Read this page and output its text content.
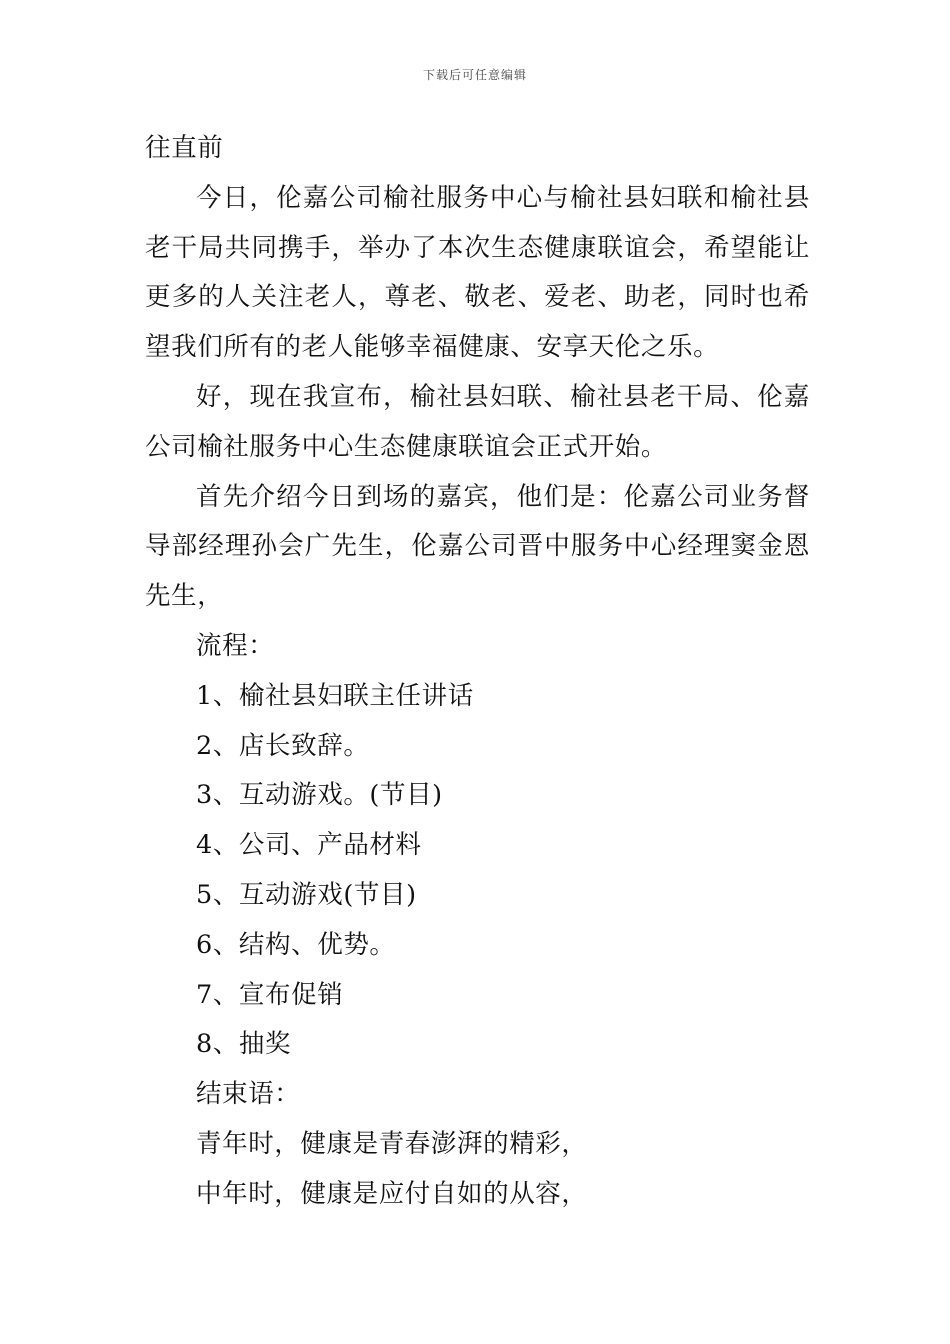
下载后可任意编辑
往直前
今日，伦嘉公司榆社服务中心与榆社县妇联和榆社县
老干局共同携手，举办了本次生态健康联谊会，希望能让
更多的人关注老人，尊老、敬老、爱老、助老，同时也希
望我们所有的老人能够幸福健康、安享天伦之乐。
好，现在我宣布，榆社县妇联、榆社县老干局、伦嘉
公司榆社服务中心生态健康联谊会正式开始。
首先介绍今日到场的嘉宾，他们是：伦嘉公司业务督
导部经理孙会广先生，伦嘉公司晋中服务中心经理窦金恩
先生，
流程：
1、榆社县妇联主任讲话
2、店长致辞。
3、互动游戏。(节目)
4、公司、产品材料
5、互动游戏(节目)
6、结构、优势。
7、宣布促销
8、抽奖
结束语：
青年时，健康是青春澎湃的精彩，
中年时，健康是应付自如的从容，
